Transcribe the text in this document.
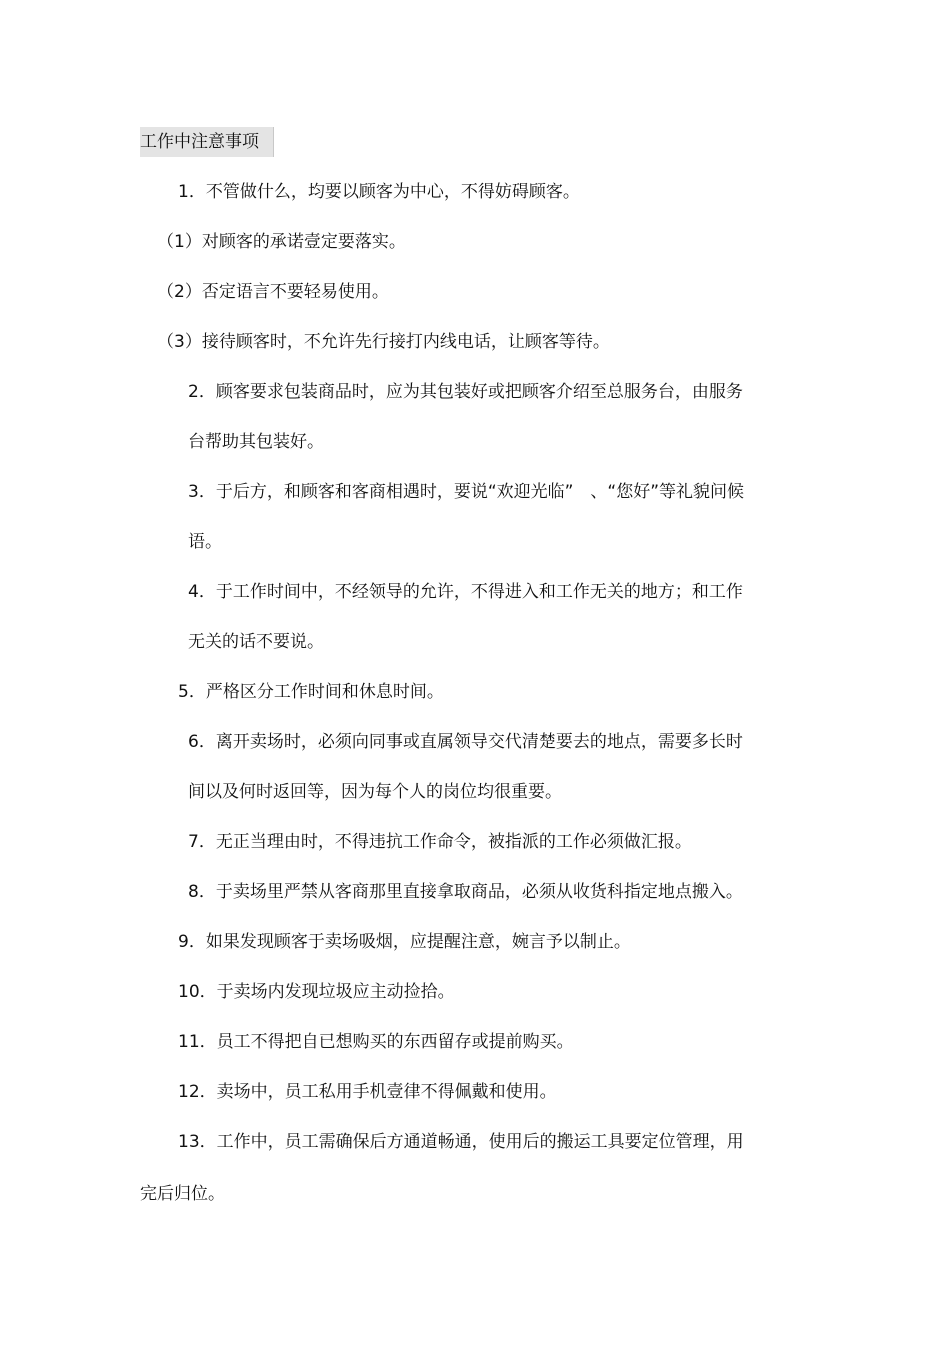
工作中注意事项
1．不管做什么，均要以顾客为中心，不得妨碍顾客。
（1）对顾客的承诺壹定要落实。
（2）否定语言不要轻易使用。
（3）接待顾客时，不允许先行接打内线电话，让顾客等待。
2．顾客要求包装商品时，应为其包装好或把顾客介绍至总服务台，由服务
台帮助其包装好。
3．于后方，和顾客和客商相遇时，要说“欢迎光临”　、“您好”等礼貌问候
语。
4．于工作时间中，不经领导的允许，不得进入和工作无关的地方；和工作
无关的话不要说。
5．严格区分工作时间和休息时间。
6．离开卖场时，必须向同事或直属领导交代清楚要去的地点，需要多长时
间以及何时返回等，因为每个人的岗位均很重要。
7．无正当理由时，不得违抗工作命令，被指派的工作必须做汇报。
8．于卖场里严禁从客商那里直接拿取商品，必须从收货科指定地点搬入。
9．如果发现顾客于卖场吸烟，应提醒注意，婉言予以制止。
10．于卖场内发现垃圾应主动捡拾。
11．员工不得把自已想购买的东西留存或提前购买。
12．卖场中，员工私用手机壹律不得佩戴和使用。
13．工作中，员工需确保后方通道畅通，使用后的搬运工具要定位管理，用
完后归位。
